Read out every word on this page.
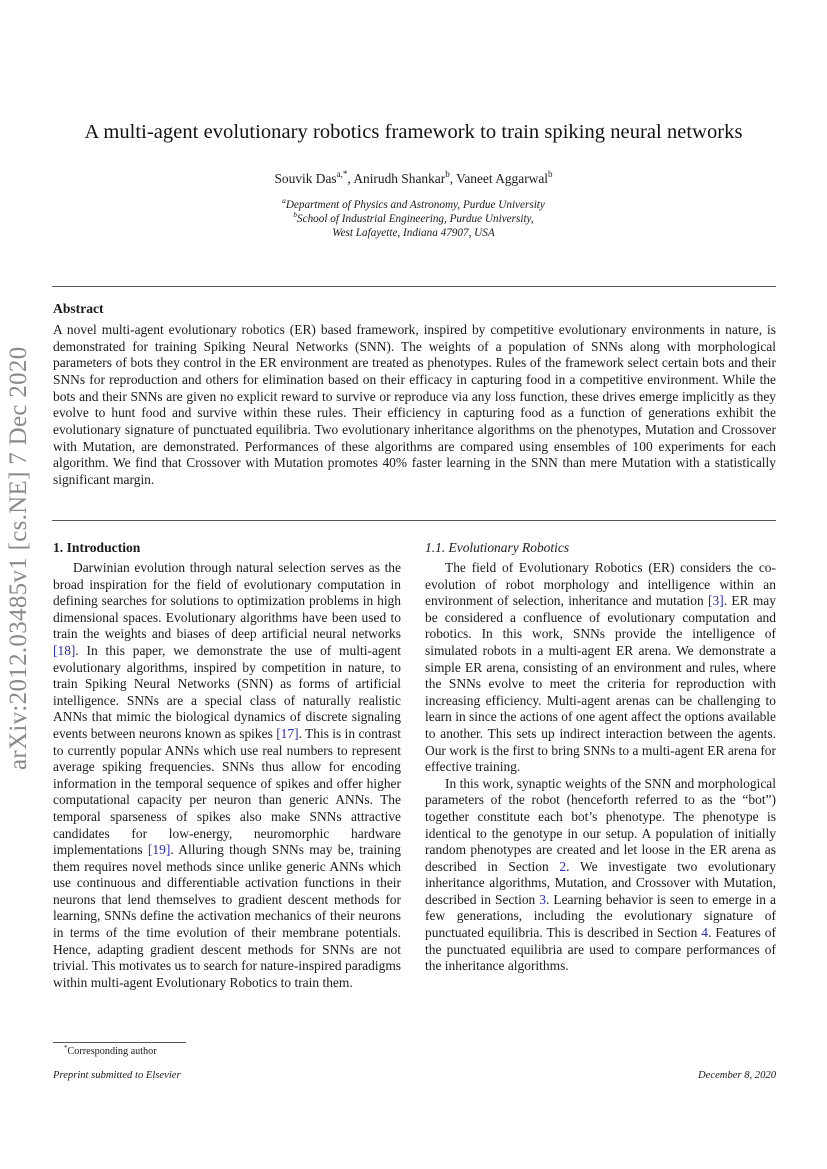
arXiv:2012.03485v1 [cs.NE] 7 Dec 2020
A multi-agent evolutionary robotics framework to train spiking neural networks
Souvik Das$^{a,*}$, Anirudh Shankar$^b$, Vaneet Aggarwal$^b$
$^a$Department of Physics and Astronomy, Purdue University
$^b$School of Industrial Engineering, Purdue University,
West Lafayette, Indiana 47907, USA
Abstract
A novel multi-agent evolutionary robotics (ER) based framework, inspired by competitive evolutionary environments in nature, is demonstrated for training Spiking Neural Networks (SNN). The weights of a population of SNNs along with morphological parameters of bots they control in the ER environment are treated as phenotypes. Rules of the framework select certain bots and their SNNs for reproduction and others for elimination based on their efficacy in capturing food in a competitive environment. While the bots and their SNNs are given no explicit reward to survive or reproduce via any loss function, these drives emerge implicitly as they evolve to hunt food and survive within these rules. Their efficiency in capturing food as a function of generations exhibit the evolutionary signature of punctuated equilibria. Two evolutionary inheritance algorithms on the phenotypes, Mutation and Crossover with Mutation, are demonstrated. Performances of these algorithms are compared using ensembles of 100 experiments for each algorithm. We find that Crossover with Mutation promotes 40% faster learning in the SNN than mere Mutation with a statistically significant margin.
1. Introduction	1.1. Evolutionary Robotics

Darwinian evolution through natural selection serves as the broad inspiration for the field of evolutionary computation in defining searches for solutions to optimization problems in high dimensional spaces. Evolutionary algorithms have been used to train the weights and biases of deep artificial neural networks [18]. In this paper, we demonstrate the use of multi-agent evolutionary algorithms, inspired by competition in nature, to train Spiking Neural Networks (SNN) as forms of artificial intelligence. SNNs are a special class of naturally realistic ANNs that mimic the biological dynamics of discrete signaling events between neurons known as spikes [17]. This is in contrast to currently popular ANNs which use real numbers to represent average spiking frequencies. SNNs thus allow for encoding information in the temporal sequence of spikes and offer higher computational capacity per neuron than generic ANNs. The temporal sparseness of spikes also make SNNs attractive candidates for low-energy, neuromorphic hardware implementations [19]. Alluring though SNNs may be, training them requires novel methods since unlike generic ANNs which use continuous and differentiable activation functions in their neurons that lend themselves to gradient descent methods for learning, SNNs define the activation mechanics of their neurons in terms of the time evolution of their membrane potentials. Hence, adapting gradient descent methods for SNNs are not trivial. This motivates us to search for nature-inspired paradigms within multi-agent Evolutionary Robotics to train them.

The field of Evolutionary Robotics (ER) considers the co-evolution of robot morphology and intelligence within an environment of selection, inheritance and mutation [3]. ER may be considered a confluence of evolutionary computation and robotics. In this work, SNNs provide the intelligence of simulated robots in a multi-agent ER arena. We demonstrate a simple ER arena, consisting of an environment and rules, where the SNNs evolve to meet the criteria for reproduction with increasing efficiency. Multi-agent arenas can be challenging to learn in since the actions of one agent affect the options available to another. This sets up indirect interaction between the agents. Our work is the first to bring SNNs to a multi-agent ER arena for effective training.

In this work, synaptic weights of the SNN and morphological parameters of the robot (henceforth referred to as the “bot”) together constitute each bot’s phenotype. The phenotype is identical to the genotype in our setup. A population of initially random phenotypes are created and let loose in the ER arena as described in Section 2. We investigate two evolutionary inheritance algorithms, Mutation, and Crossover with Mutation, described in Section 3. Learning behavior is seen to emerge in a few generations, including the evolutionary signature of punctuated equilibria. This is described in Section 4. Features of the punctuated equilibria are used to compare performances of the inheritance algorithms.

*Corresponding author
Preprint submitted to Elsevier	December 8, 2020
